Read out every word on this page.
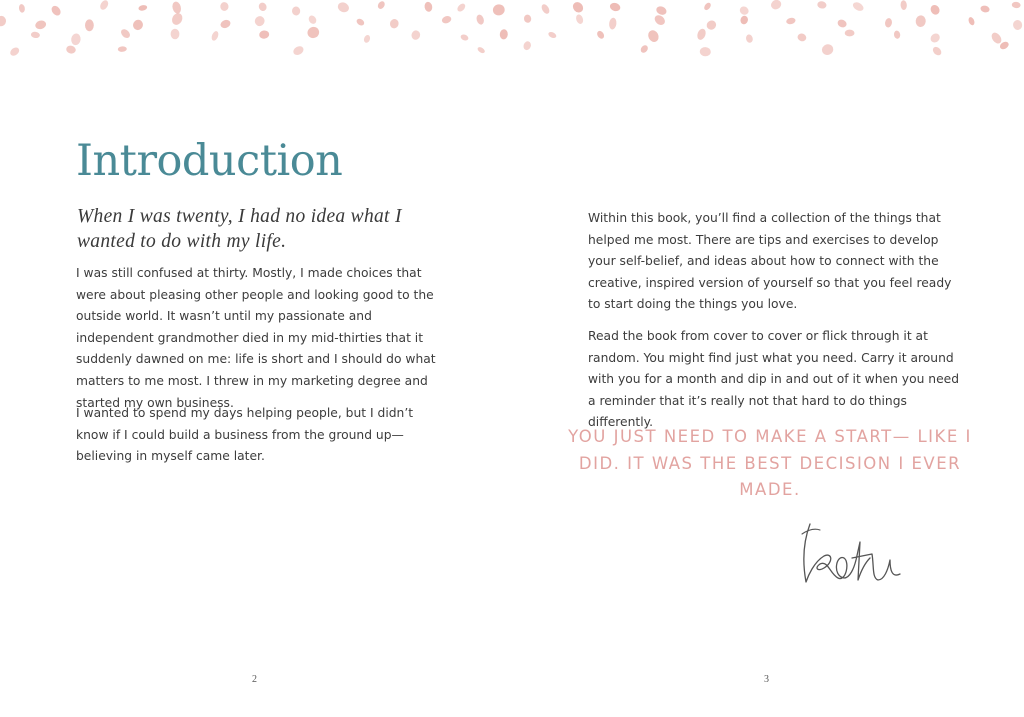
Introduction

When I was twenty, I had no idea what I wanted to do with my life.

I was still confused at thirty. Mostly, I made choices that were about pleasing other people and looking good to the outside world. It wasn’t until my passionate and independent grandmother died in my mid-thirties that it suddenly dawned on me: life is short and I should do what matters to me most. I threw in my marketing degree and started my own business.

I wanted to spend my days helping people, but I didn’t know if I could build a business from the ground up—believing in myself came later.

2

Within this book, you’ll find a collection of the things that helped me most. There are tips and exercises to develop your self-belief, and ideas about how to connect with the creative, inspired version of yourself so that you feel ready to start doing the things you love.

Read the book from cover to cover or flick through it at random. You might find just what you need. Carry it around with you for a month and dip in and out of it when you need a reminder that it’s really not that hard to do things differently.

YOU JUST NEED TO MAKE A START— LIKE I DID. IT WAS THE BEST DECISION I EVER MADE.

3
